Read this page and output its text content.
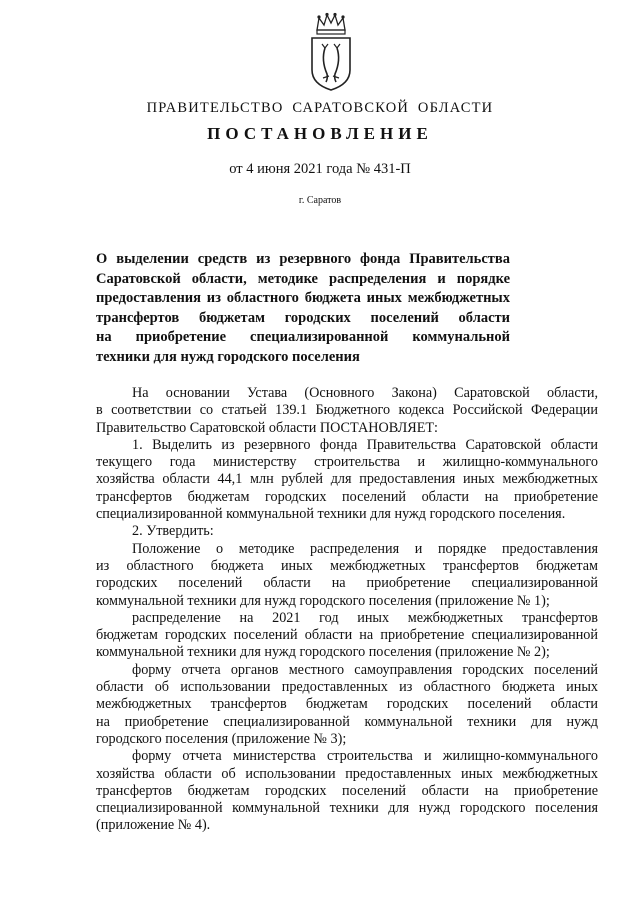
ПРАВИТЕЛЬСТВО САРАТОВСКОЙ ОБЛАСТИ
ПОСТАНОВЛЕНИЕ
от 4 июня 2021 года № 431-П
г. Саратов
О выделении средств из резервного фонда Правительства
Саратовской области, методике распределения и порядке
предоставления из областного бюджета иных межбюджетных
трансфертов бюджетам городских поселений области
на приобретение специализированной коммунальной
техники для нужд городского поселения
На основании Устава (Основного Закона) Саратовской области,
в соответствии со статьей 139.1 Бюджетного кодекса Российской Федерации
Правительство Саратовской области ПОСТАНОВЛЯЕТ:
1. Выделить из резервного фонда Правительства Саратовской области
текущего года министерству строительства и жилищно-коммунального
хозяйства области 44,1 млн рублей для предоставления иных межбюджетных
трансфертов бюджетам городских поселений области на приобретение
специализированной коммунальной техники для нужд городского поселения.
2. Утвердить:
Положение о методике распределения и порядке предоставления
из областного бюджета иных межбюджетных трансфертов бюджетам
городских поселений области на приобретение специализированной
коммунальной техники для нужд городского поселения (приложение № 1);
распределение на 2021 год иных межбюджетных трансфертов
бюджетам городских поселений области на приобретение специализированной
коммунальной техники для нужд городского поселения (приложение № 2);
форму отчета органов местного самоуправления городских поселений
области об использовании предоставленных из областного бюджета иных
межбюджетных трансфертов бюджетам городских поселений области
на приобретение специализированной коммунальной техники для нужд
городского поселения (приложение № 3);
форму отчета министерства строительства и жилищно-коммунального
хозяйства области об использовании предоставленных иных межбюджетных
трансфертов бюджетам городских поселений области на приобретение
специализированной коммунальной техники для нужд городского поселения
(приложение № 4).
